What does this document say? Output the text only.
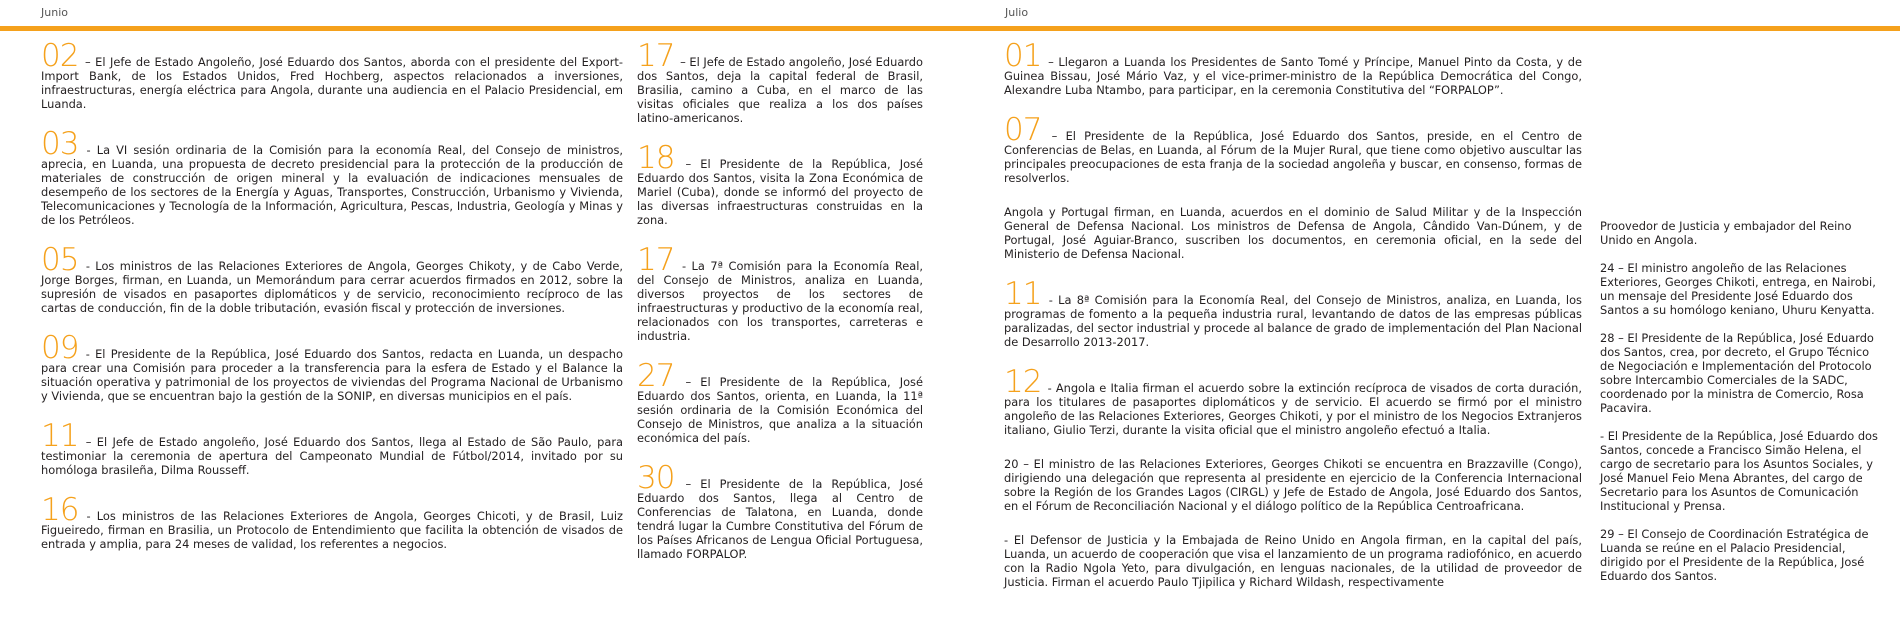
Junio	Julio

02 – El Jefe de Estado Angoleño, José Eduardo dos Santos, aborda con el presidente del Export-Import Bank, de los Estados Unidos, Fred Hochberg, aspectos relacionados a inversiones, infraestructuras, energía eléctrica para Angola, durante una audiencia en el Palacio Presidencial, em Luanda.

03 - La VI sesión ordinaria de la Comisión para la economía Real, del Consejo de ministros, aprecia, en Luanda, una propuesta de decreto presidencial para la protección de la producción de materiales de construcción de origen mineral y la evaluación de indicaciones mensuales de desempeño de los sectores de la Energía y Aguas, Transportes, Construcción, Urbanismo y Vivienda, Telecomunicaciones y Tecnología de la Información, Agricultura, Pescas, Industria, Geología y Minas y de los Petróleos.

05 - Los ministros de las Relaciones Exteriores de Angola, Georges Chikoty, y de Cabo Verde, Jorge Borges, firman, en Luanda, un Memorándum para cerrar acuerdos firmados en 2012, sobre la supresión de visados en pasaportes diplomáticos y de servicio, reconocimiento recíproco de las cartas de conducción, fin de la doble tributación, evasión fiscal y protección de inversiones.

09 - El Presidente de la República, José Eduardo dos Santos, redacta en Luanda, un despacho para crear una Comisión para proceder a la transferencia para la esfera de Estado y el Balance la situación operativa y patrimonial de los proyectos de viviendas del Programa Nacional de Urbanismo y Vivienda, que se encuentran bajo la gestión de la SONIP, en diversas municipios en el país.

11 – El Jefe de Estado angoleño, José Eduardo dos Santos, llega al Estado de São Paulo, para testimoniar la ceremonia de apertura del Campeonato Mundial de Fútbol/2014, invitado por su homóloga brasileña, Dilma Rousseff.

16 - Los ministros de las Relaciones Exteriores de Angola, Georges Chicoti, y de Brasil, Luiz Figueiredo, firman en Brasilia, un Protocolo de Entendimiento que facilita la obtención de visados de entrada y amplia, para 24 meses de validad, los referentes a negocios.

17 – El Jefe de Estado angoleño, José Eduardo dos Santos, deja la capital federal de Brasil, Brasilia, camino a Cuba, en el marco de las visitas oficiales que realiza a los dos países latino-americanos.

18 – El Presidente de la República, José Eduardo dos Santos, visita la Zona Económica de Mariel (Cuba), donde se informó del proyecto de las diversas infraestructuras construidas en la zona.

17 - La 7ª Comisión para la Economía Real, del Consejo de Ministros, analiza en Luanda, diversos proyectos de los sectores de infraestructuras y productivo de la economía real, relacionados con los transportes, carreteras e industria.

27 – El Presidente de la República, José Eduardo dos Santos, orienta, en Luanda, la 11ª sesión ordinaria de la Comisión Económica del Consejo de Ministros, que analiza a la situación económica del país.

30 – El Presidente de la República, José Eduardo dos Santos, llega al Centro de Conferencias de Talatona, en Luanda, donde tendrá lugar la Cumbre Constitutiva del Fórum de los Países Africanos de Lengua Oficial Portuguesa, llamado FORPALOP.

01 – Llegaron a Luanda los Presidentes de Santo Tomé y Príncipe, Manuel Pinto da Costa, y de Guinea Bissau, José Mário Vaz, y el vice-primer-ministro de la República Democrática del Congo, Alexandre Luba Ntambo, para participar, en la ceremonia Constitutiva del “FORPALOP”.

07 – El Presidente de la República, José Eduardo dos Santos, preside, en el Centro de Conferencias de Belas, en Luanda, al Fórum de la Mujer Rural, que tiene como objetivo auscultar las principales preocupaciones de esta franja de la sociedad angoleña y buscar, en consenso, formas de resolverlos.

Angola y Portugal firman, en Luanda, acuerdos en el dominio de Salud Militar y de la Inspección General de Defensa Nacional. Los ministros de Defensa de Angola, Cândido Van-Dúnem, y de Portugal, José Aguiar-Branco, suscriben los documentos, en ceremonia oficial, en la sede del Ministerio de Defensa Nacional.

11 - La 8ª Comisión para la Economía Real, del Consejo de Ministros, analiza, en Luanda, los programas de fomento a la pequeña industria rural, levantando de datos de las empresas públicas paralizadas, del sector industrial y procede al balance de grado de implementación del Plan Nacional de Desarrollo 2013-2017.

12 - Angola e Italia firman el acuerdo sobre la extinción recíproca de visados de corta duración, para los titulares de pasaportes diplomáticos y de servicio. El acuerdo se firmó por el ministro angoleño de las Relaciones Exteriores, Georges Chikoti, y por el ministro de los Negocios Extranjeros italiano, Giulio Terzi, durante la visita oficial que el ministro angoleño efectuó a Italia.

20 – El ministro de las Relaciones Exteriores, Georges Chikoti se encuentra en Brazzaville (Congo), dirigiendo una delegación que representa al presidente en ejercicio de la Conferencia Internacional sobre la Región de los Grandes Lagos (CIRGL) y Jefe de Estado de Angola, José Eduardo dos Santos, en el Fórum de Reconciliación Nacional y el diálogo político de la República Centroafricana.

- El Defensor de Justicia y la Embajada de Reino Unido en Angola firman, en la capital del país, Luanda, un acuerdo de cooperación que visa el lanzamiento de un programa radiofónico, en acuerdo con la Radio Ngola Yeto, para divulgación, en lenguas nacionales, de la utilidad de proveedor de Justicia. Firman el acuerdo Paulo Tjipilica y Richard Wildash, respectivamente

Proovedor de Justicia y embajador del Reino Unido en Angola.

24 – El ministro angoleño de las Relaciones Exteriores, Georges Chikoti, entrega, en Nairobi, un mensaje del Presidente José Eduardo dos Santos a su homólogo keniano, Uhuru Kenyatta.

28 – El Presidente de la República, José Eduardo dos Santos, crea, por decreto, el Grupo Técnico de Negociación e Implementación del Protocolo sobre Intercambio Comerciales de la SADC, coordenado por la ministra de Comercio, Rosa Pacavira.

- El Presidente de la República, José Eduardo dos Santos, concede a Francisco Simão Helena, el cargo de secretario para los Asuntos Sociales, y José Manuel Feio Mena Abrantes, del cargo de Secretario para los Asuntos de Comunicación Institucional y Prensa.

29 – El Consejo de Coordinación Estratégica de Luanda se reúne en el Palacio Presidencial, dirigido por el Presidente de la República, José Eduardo dos Santos.
